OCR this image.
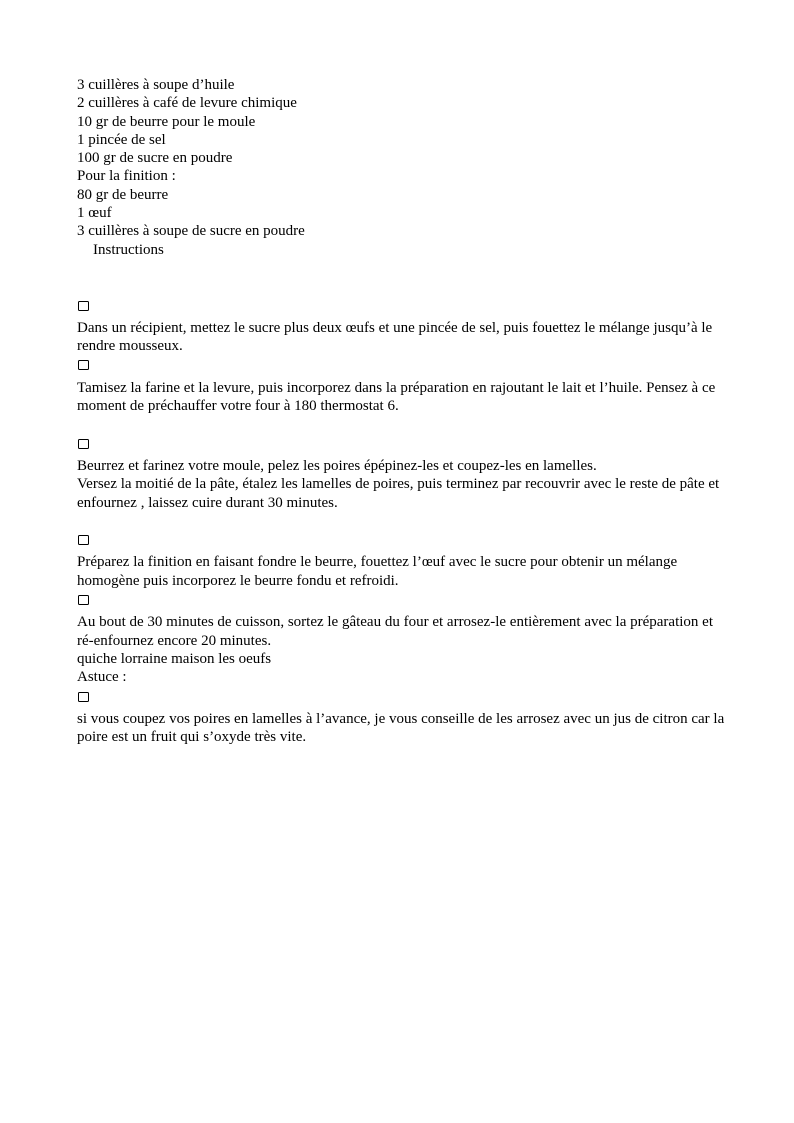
3 cuillères à soupe d’huile
2 cuillères à café de levure chimique
10 gr de beurre pour le moule
1 pincée de sel
100 gr de sucre en poudre
Pour la finition :
80 gr de beurre
1 œuf
3 cuillères à soupe de sucre en poudre
Instructions
Dans un récipient, mettez le sucre plus deux œufs et une pincée de sel, puis fouettez le mélange jusqu’à le rendre mousseux.
Tamisez la farine et la levure, puis incorporez dans la préparation en rajoutant le lait et l’huile. Pensez à ce moment de préchauffer votre four à 180 thermostat 6.
Beurrez et farinez votre moule, pelez les poires épépinez-les et coupez-les en lamelles.
Versez la moitié de la pâte, étalez les lamelles de poires, puis terminez par recouvrir avec le reste de pâte et enfournez , laissez cuire durant 30 minutes.
Préparez la finition en faisant fondre le beurre, fouettez l’œuf avec le sucre pour obtenir un mélange homogène puis incorporez le beurre fondu et refroidi.
Au bout de 30 minutes de cuisson, sortez le gâteau du four et arrosez-le entièrement avec la préparation et ré-enfournez encore 20 minutes.
quiche lorraine maison les oeufs
Astuce :
si vous coupez vos poires en lamelles à l’avance, je vous conseille de les arrosez avec un jus de citron car la poire est un fruit qui s’oxyde très vite.
